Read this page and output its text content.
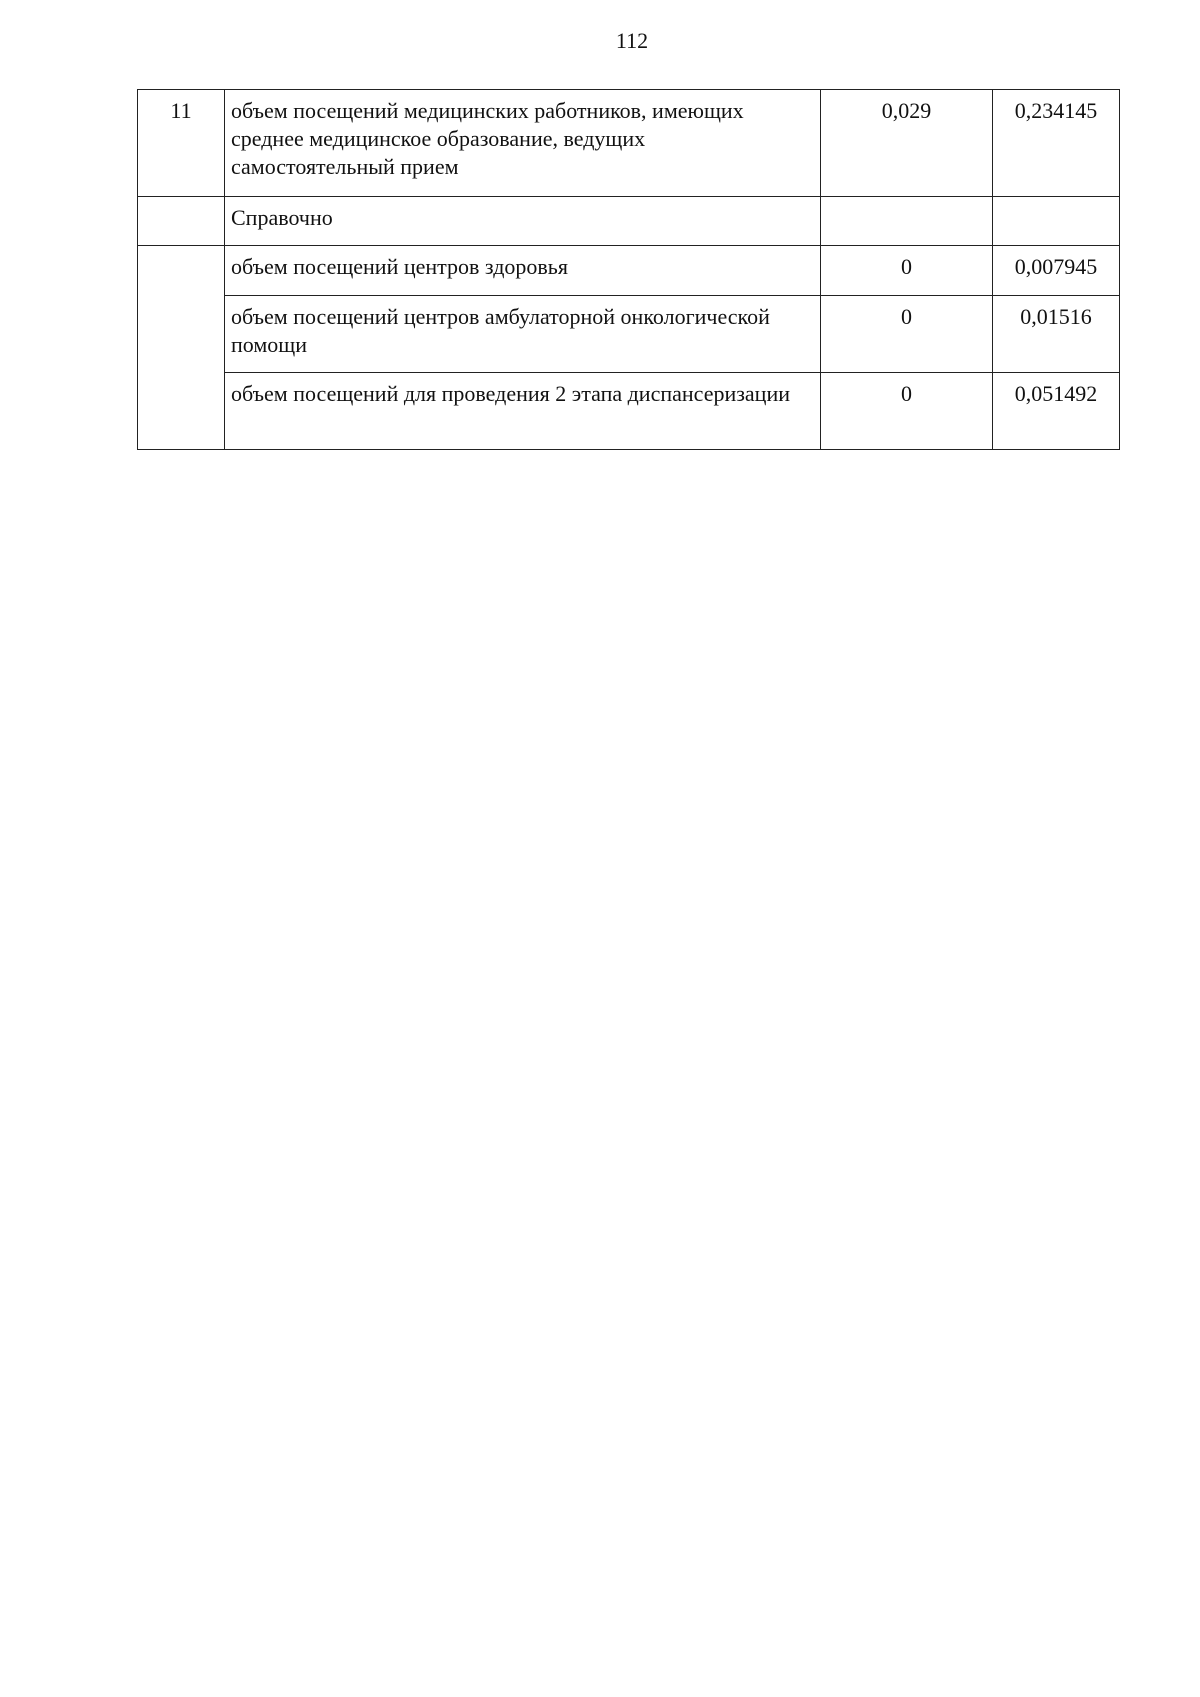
112
11	объем посещений медицинских работников, имеющих среднее медицинское образование, ведущих самостоятельный прием	0,029	0,234145
	Справочно		
	объем посещений центров здоровья	0	0,007945
	объем посещений центров амбулаторной онкологической помощи	0	0,01516
	объем посещений для проведения 2 этапа диспансеризации	0	0,051492
